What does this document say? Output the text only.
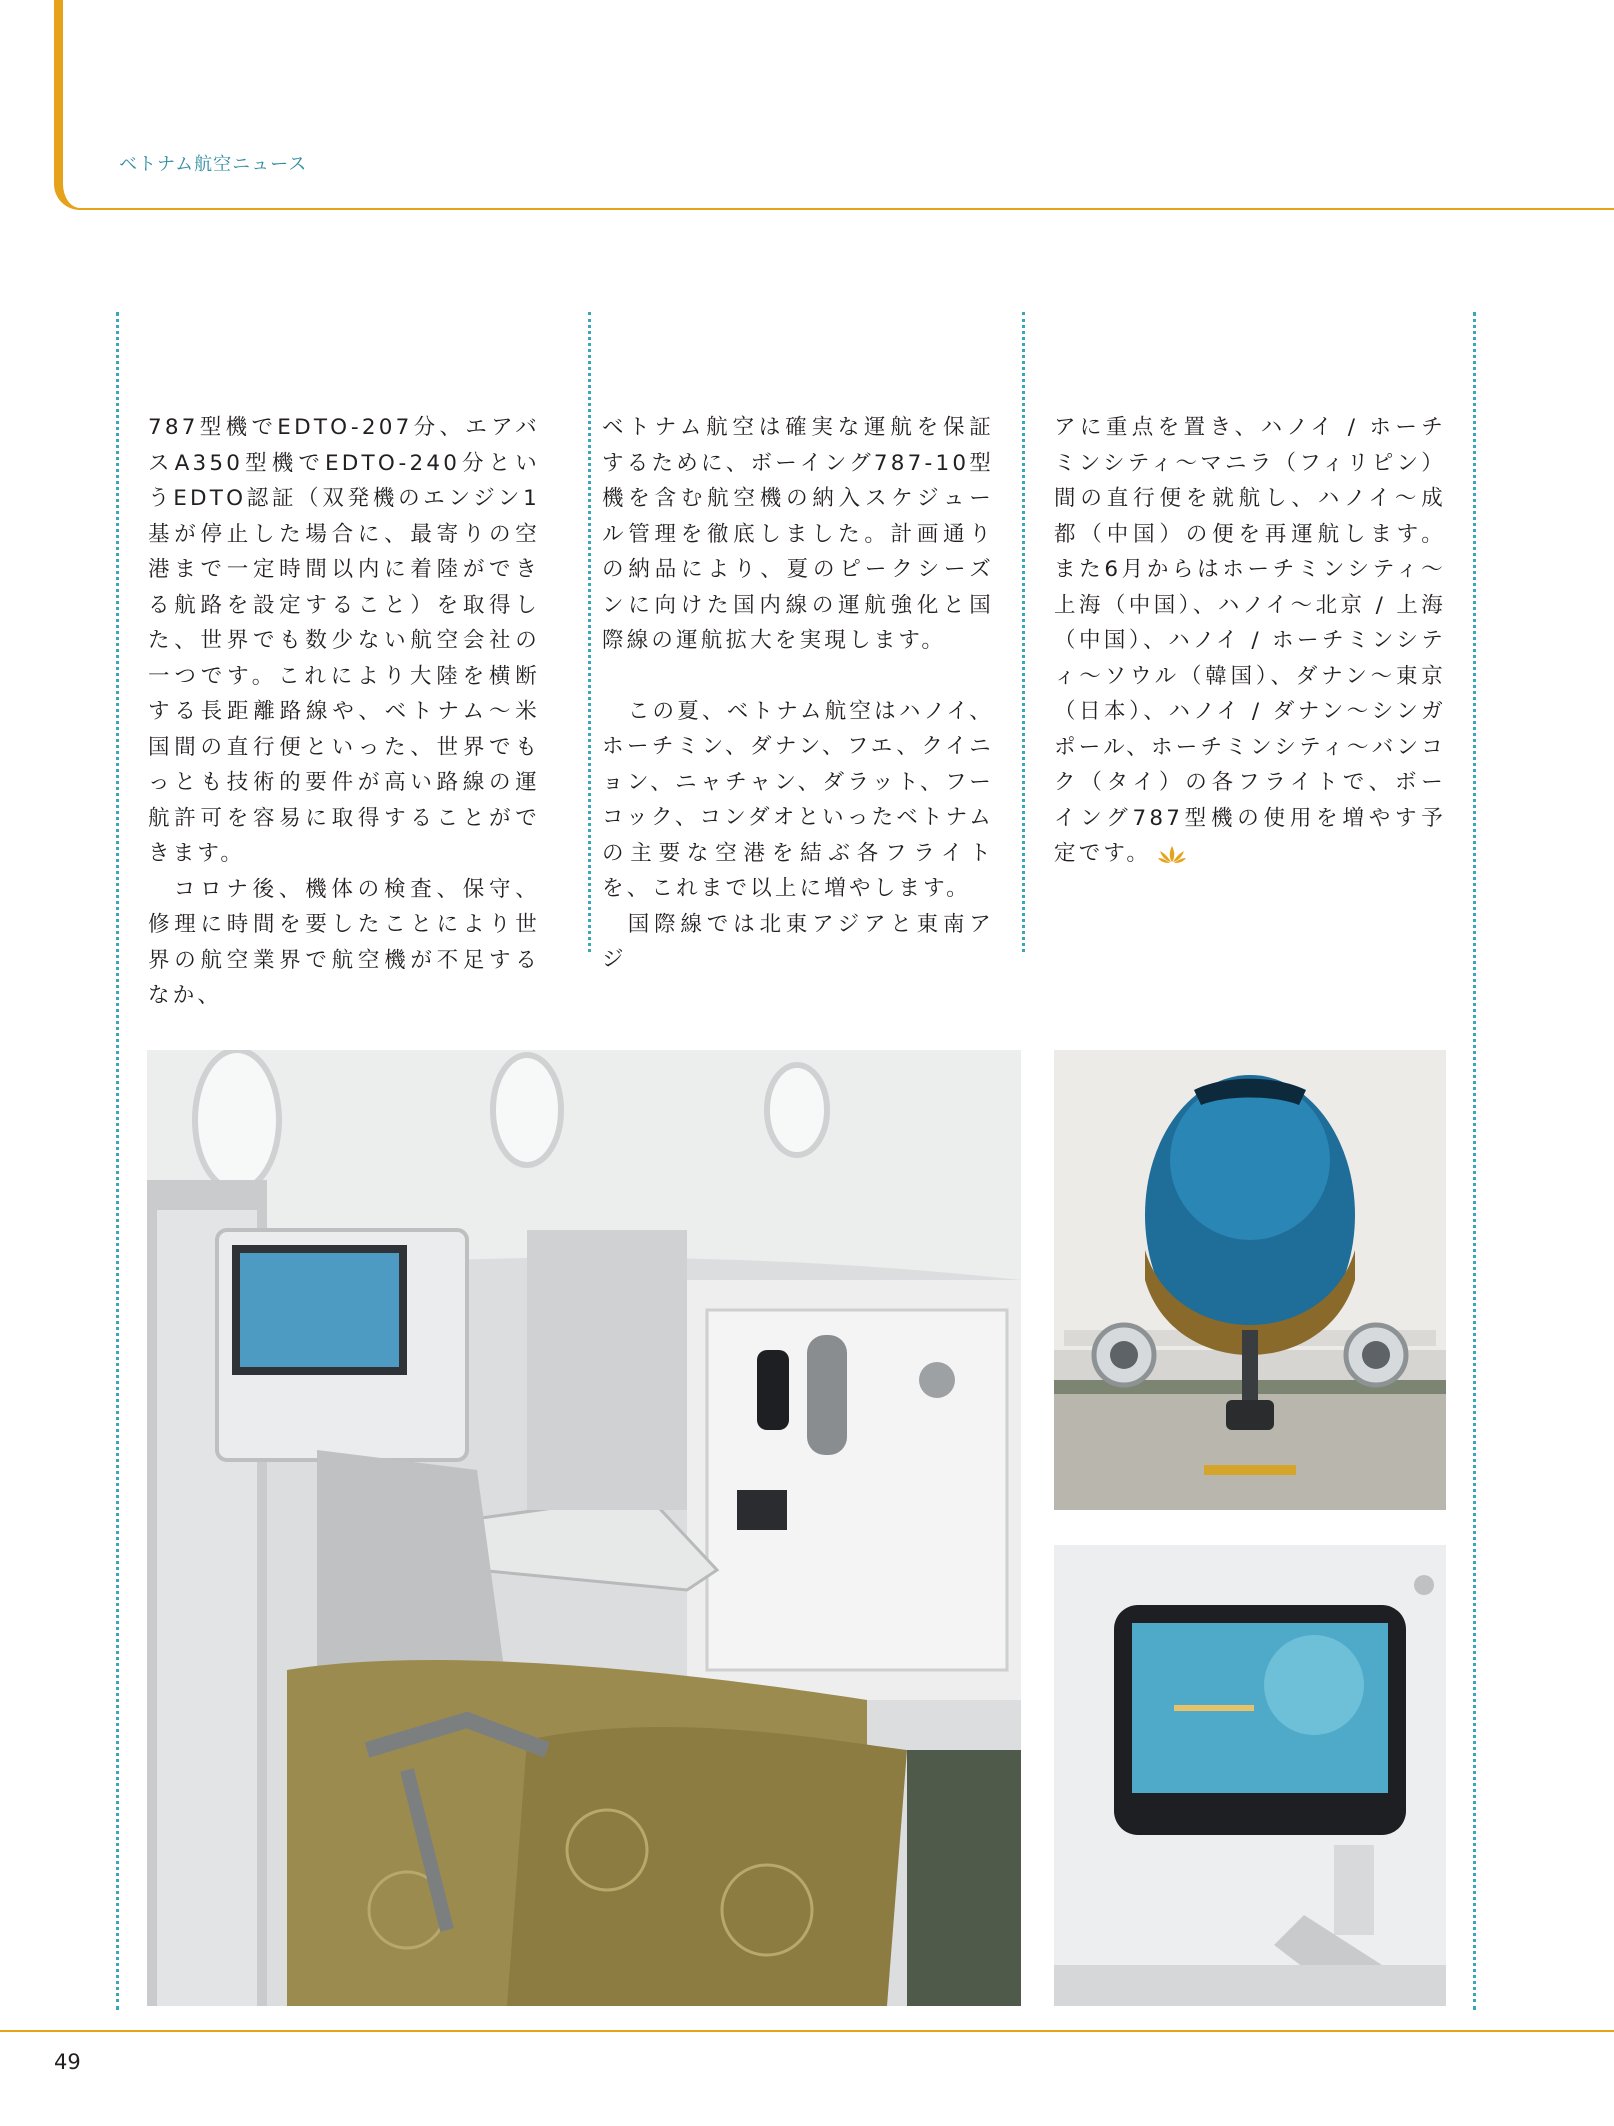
ベトナム航空ニュース

787型機でEDTO-207分、エアバスA350型機でEDTO-240分というEDTO認証（双発機のエンジン1基が停止した場合に、最寄りの空港まで一定時間以内に着陸ができる航路を設定すること）を取得した、世界でも数少ない航空会社の一つです。これにより大陸を横断する長距離路線や、ベトナム〜米国間の直行便といった、世界でもっとも技術的要件が高い路線の運航許可を容易に取得することができます。

コロナ後、機体の検査、保守、修理に時間を要したことにより世界の航空業界で航空機が不足するなか、

ベトナム航空は確実な運航を保証するために、ボーイング787-10型機を含む航空機の納入スケジュール管理を徹底しました。計画通りの納品により、夏のピークシーズンに向けた国内線の運航強化と国際線の運航拡大を実現します。

この夏、ベトナム航空はハノイ、ホーチミン、ダナン、フエ、クイニョン、ニャチャン、ダラット、フーコック、コンダオといったベトナムの主要な空港を結ぶ各フライトを、これまで以上に増やします。

国際線では北東アジアと東南アジ

アに重点を置き、ハノイ / ホーチミンシティ〜マニラ（フィリピン）間の直行便を就航し、ハノイ〜成都（中国）の便を再運航します。また6月からはホーチミンシティ〜上海（中国）、ハノイ〜北京 / 上海（中国）、ハノイ / ホーチミンシティ〜ソウル（韓国）、ダナン〜東京（日本）、ハノイ / ダナン〜シンガポール、ホーチミンシティ〜バンコク（タイ）の各フライトで、ボーイング787型機の使用を増やす予定です。

49
